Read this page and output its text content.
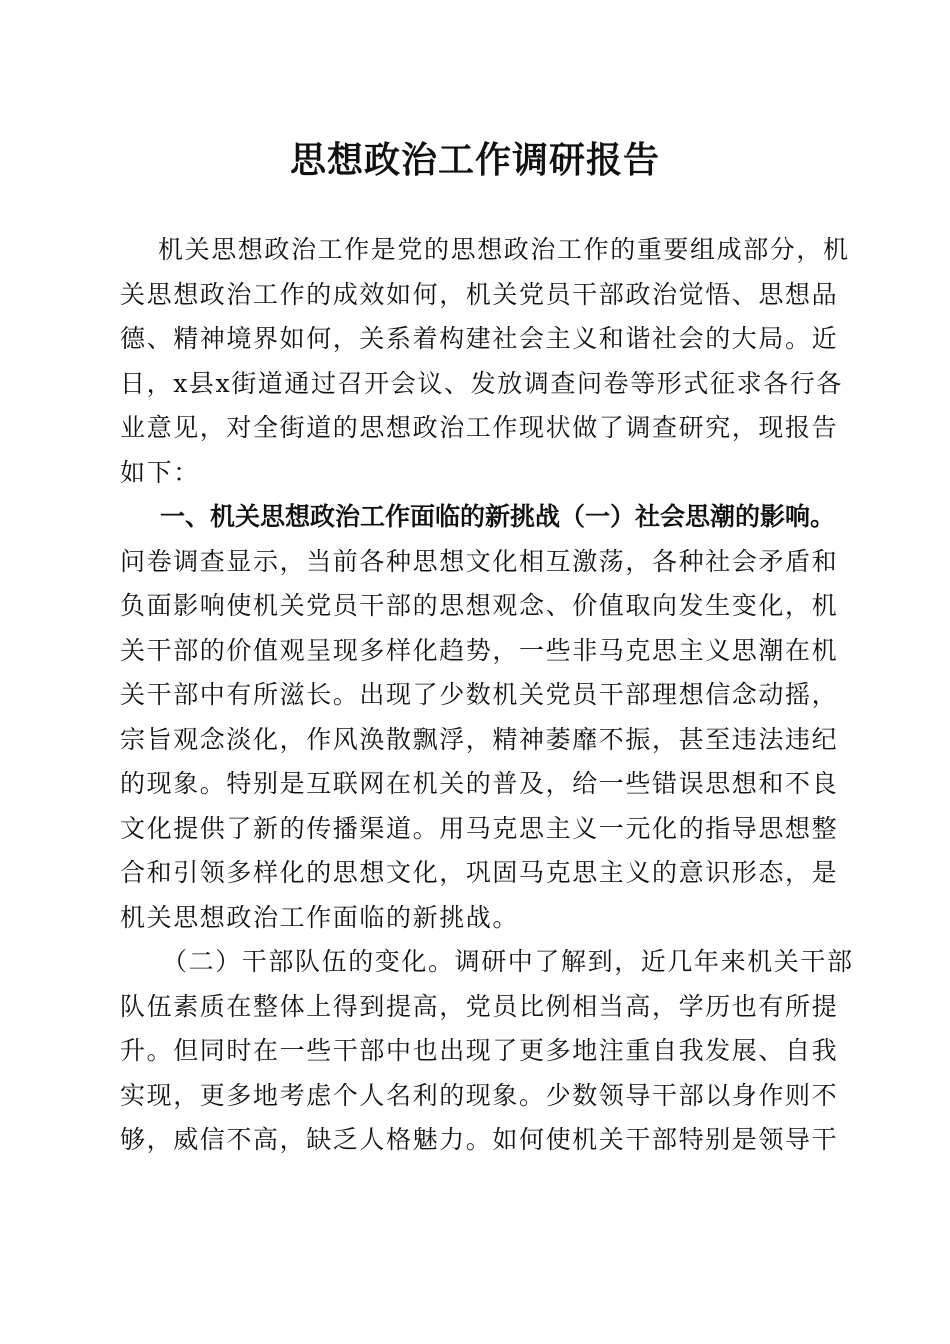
思想政治工作调研报告

机关思想政治工作是党的思想政治工作的重要组成部分，机
关思想政治工作的成效如何，机关党员干部政治觉悟、思想品
德、精神境界如何，关系着构建社会主义和谐社会的大局。近
日，x县x街道通过召开会议、发放调查问卷等形式征求各行各
业意见，对全街道的思想政治工作现状做了调查研究，现报告
如下：

一、机关思想政治工作面临的新挑战（一）社会思潮的影响。
问卷调查显示，当前各种思想文化相互激荡，各种社会矛盾和
负面影响使机关党员干部的思想观念、价值取向发生变化，机
关干部的价值观呈现多样化趋势，一些非马克思主义思潮在机
关干部中有所滋长。出现了少数机关党员干部理想信念动摇，
宗旨观念淡化，作风涣散飘浮，精神萎靡不振，甚至违法违纪
的现象。特别是互联网在机关的普及，给一些错误思想和不良
文化提供了新的传播渠道。用马克思主义一元化的指导思想整
合和引领多样化的思想文化，巩固马克思主义的意识形态，是
机关思想政治工作面临的新挑战。

（二）干部队伍的变化。调研中了解到，近几年来机关干部
队伍素质在整体上得到提高，党员比例相当高，学历也有所提
升。但同时在一些干部中也出现了更多地注重自我发展、自我
实现，更多地考虑个人名利的现象。少数领导干部以身作则不
够，威信不高，缺乏人格魅力。如何使机关干部特别是领导干
